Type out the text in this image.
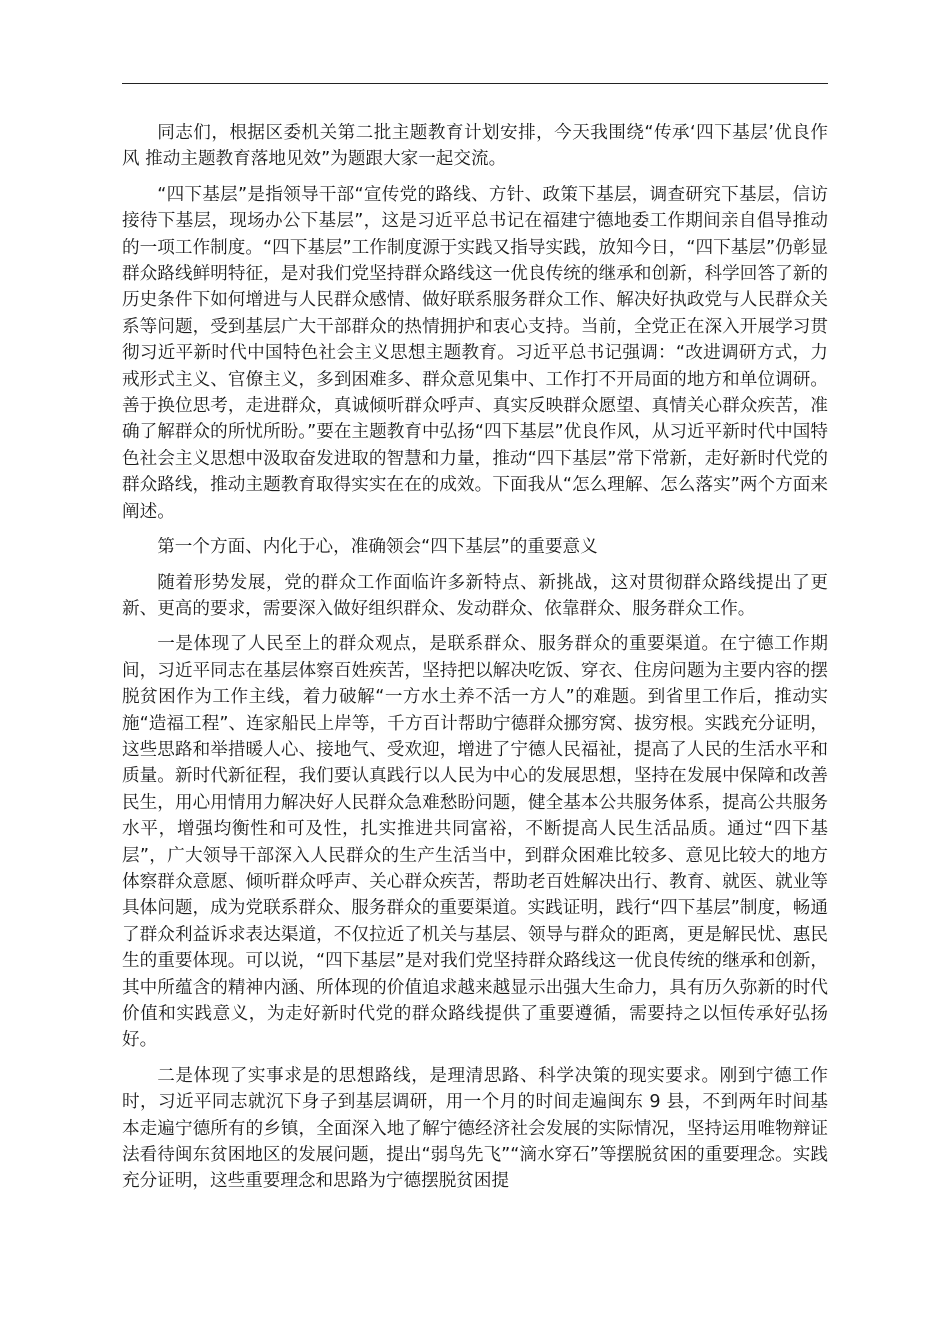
同志们，根据区委机关第二批主题教育计划安排，今天我围绕“传承‘四下基层’优良作风 推动主题教育落地见效”为题跟大家一起交流。

“四下基层”是指领导干部“宣传党的路线、方针、政策下基层，调查研究下基层，信访接待下基层，现场办公下基层”，这是习近平总书记在福建宁德地委工作期间亲自倡导推动的一项工作制度。“四下基层”工作制度源于实践又指导实践，放知今日，“四下基层”仍彰显群众路线鲜明特征，是对我们党坚持群众路线这一优良传统的继承和创新，科学回答了新的历史条件下如何增进与人民群众感情、做好联系服务群众工作、解决好执政党与人民群众关系等问题，受到基层广大干部群众的热情拥护和衷心支持。当前，全党正在深入开展学习贯彻习近平新时代中国特色社会主义思想主题教育。习近平总书记强调：“改进调研方式，力戒形式主义、官僚主义，多到困难多、群众意见集中、工作打不开局面的地方和单位调研。善于换位思考，走进群众，真诚倾听群众呼声、真实反映群众愿望、真情关心群众疾苦，准确了解群众的所忧所盼。”要在主题教育中弘扬“四下基层”优良作风，从习近平新时代中国特色社会主义思想中汲取奋发进取的智慧和力量，推动“四下基层”常下常新，走好新时代党的群众路线，推动主题教育取得实实在在的成效。下面我从“怎么理解、怎么落实”两个方面来阐述。

第一个方面、内化于心，准确领会“四下基层”的重要意义

随着形势发展，党的群众工作面临许多新特点、新挑战，这对贯彻群众路线提出了更新、更高的要求，需要深入做好组织群众、发动群众、依靠群众、服务群众工作。

一是体现了人民至上的群众观点，是联系群众、服务群众的重要渠道。在宁德工作期间，习近平同志在基层体察百姓疾苦，坚持把以解决吃饭、穿衣、住房问题为主要内容的摆脱贫困作为工作主线，着力破解“一方水土养不活一方人”的难题。到省里工作后，推动实施“造福工程”、连家船民上岸等，千方百计帮助宁德群众挪穷窝、拔穷根。实践充分证明，这些思路和举措暖人心、接地气、受欢迎，增进了宁德人民福祉，提高了人民的生活水平和质量。新时代新征程，我们要认真践行以人民为中心的发展思想，坚持在发展中保障和改善民生，用心用情用力解决好人民群众急难愁盼问题，健全基本公共服务体系，提高公共服务水平，增强均衡性和可及性，扎实推进共同富裕，不断提高人民生活品质。通过“四下基层”，广大领导干部深入人民群众的生产生活当中，到群众困难比较多、意见比较大的地方体察群众意愿、倾听群众呼声、关心群众疾苦，帮助老百姓解决出行、教育、就医、就业等具体问题，成为党联系群众、服务群众的重要渠道。实践证明，践行“四下基层”制度，畅通了群众利益诉求表达渠道，不仅拉近了机关与基层、领导与群众的距离，更是解民忧、惠民生的重要体现。可以说，“四下基层”是对我们党坚持群众路线这一优良传统的继承和创新，其中所蕴含的精神内涵、所体现的价值追求越来越显示出强大生命力，具有历久弥新的时代价值和实践意义，为走好新时代党的群众路线提供了重要遵循，需要持之以恒传承好弘扬好。

二是体现了实事求是的思想路线，是理清思路、科学决策的现实要求。刚到宁德工作时，习近平同志就沉下身子到基层调研，用一个月的时间走遍闽东 9 县，不到两年时间基本走遍宁德所有的乡镇，全面深入地了解宁德经济社会发展的实际情况，坚持运用唯物辩证法看待闽东贫困地区的发展问题，提出“弱鸟先飞”“滴水穿石”等摆脱贫困的重要理念。实践充分证明，这些重要理念和思路为宁德摆脱贫困提
